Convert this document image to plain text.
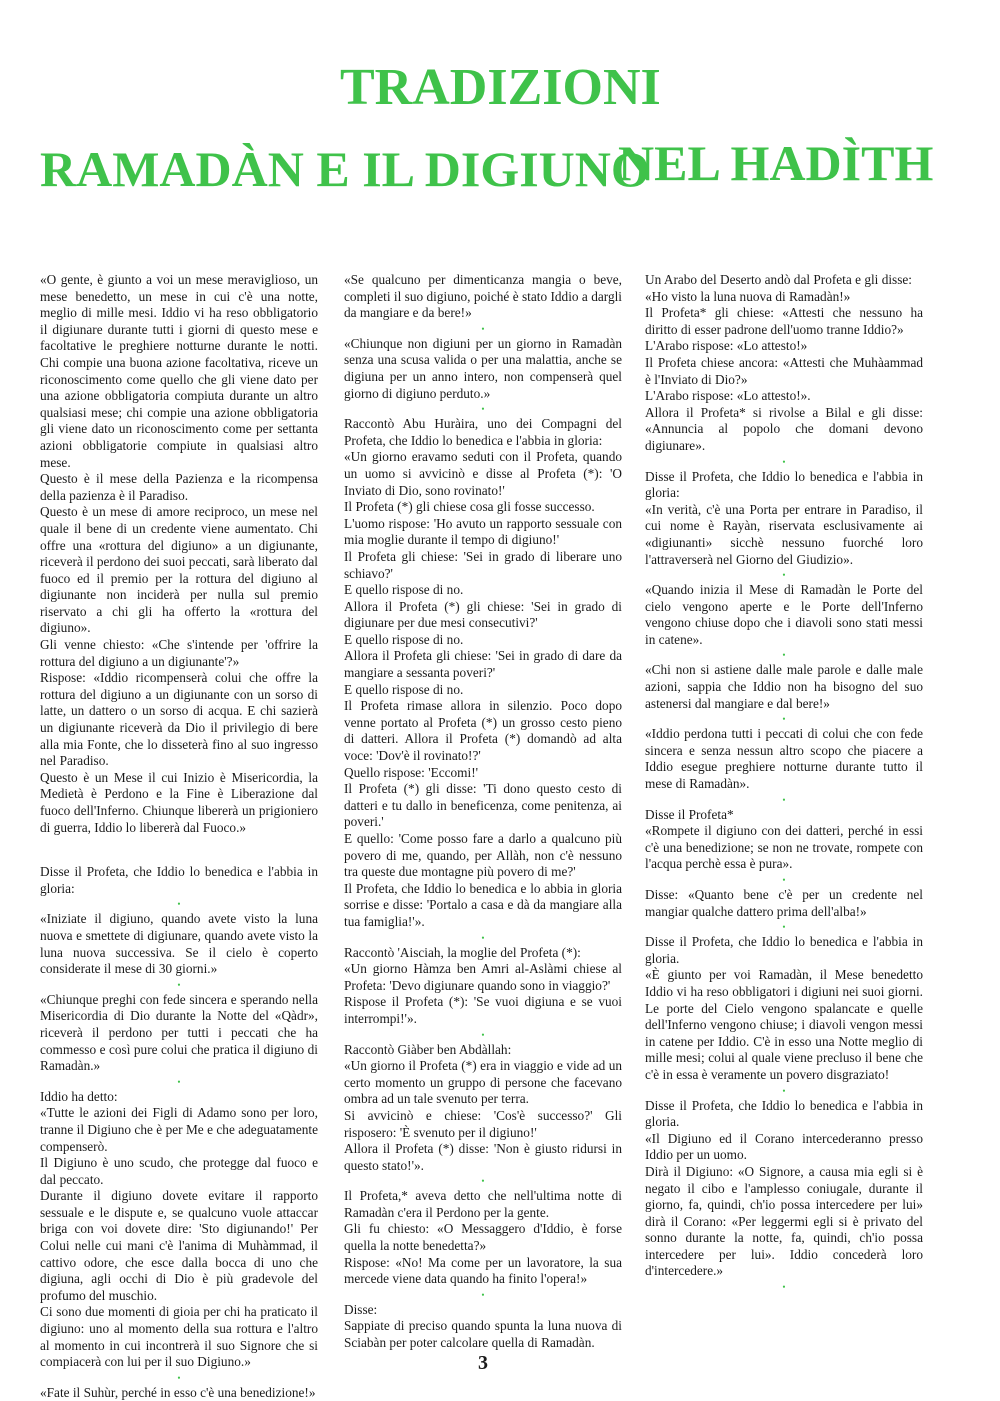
TRADIZIONI
RAMADÀN E IL DIGIUNO
NEL HADÌTH

«O gente, è giunto a voi un mese meraviglioso, un mese benedetto, un mese in cui c'è una notte, meglio di mille mesi. Iddio vi ha reso obbligatorio il digiunare durante tutti i giorni di questo mese e facoltative le preghiere notturne durante le notti. Chi compie una buona azione facoltativa, riceve un riconoscimento come quello che gli viene dato per una azione obbligatoria compiuta durante un altro qualsiasi mese; chi compie una azione obbligatoria gli viene dato un riconoscimento come per settanta azioni obbligatorie compiute in qualsiasi altro mese.

Questo è il mese della Pazienza e la ricompensa della pazienza è il Paradiso.

Questo è un mese di amore reciproco, un mese nel quale il bene di un credente viene aumentato. Chi offre una «rottura del digiuno» a un digiunante, riceverà il perdono dei suoi peccati, sarà liberato dal fuoco ed il premio per la rottura del digiuno al digiunante non inciderà per nulla sul premio riservato a chi gli ha offerto la «rottura del digiuno».

Gli venne chiesto: «Che s'intende per 'offrire la rottura del digiuno a un digiunante'?»

Rispose: «Iddio ricompenserà colui che offre la rottura del digiuno a un digiunante con un sorso di latte, un dattero o un sorso di acqua. E chi sazierà un digiunante riceverà da Dio il privilegio di bere alla mia Fonte, che lo disseterà fino al suo ingresso nel Paradiso.

Questo è un Mese il cui Inizio è Misericordia, la Medietà è Perdono e la Fine è Liberazione dal fuoco dell'Inferno. Chiunque libererà un prigioniero di guerra, Iddio lo libererà dal Fuoco.»

Disse il Profeta, che Iddio lo benedica e l'abbia in gloria:

•

«Iniziate il digiuno, quando avete visto la luna nuova e smettete di digiunare, quando avete visto la luna nuova successiva. Se il cielo è coperto considerate il mese di 30 giorni.»

•

«Chiunque preghi con fede sincera e sperando nella Misericordia di Dio durante la Notte del «Qàdr», riceverà il perdono per tutti i peccati che ha commesso e così pure colui che pratica il digiuno di Ramadàn.»

•

Iddio ha detto:

«Tutte le azioni dei Figli di Adamo sono per loro, tranne il Digiuno che è per Me e che adeguatamente compenserò.

Il Digiuno è uno scudo, che protegge dal fuoco e dal peccato.

Durante il digiuno dovete evitare il rapporto sessuale e le dispute e, se qualcuno vuole attaccar briga con voi dovete dire: 'Sto digiunando!' Per Colui nelle cui mani c'è l'anima di Muhàmmad, il cattivo odore, che esce dalla bocca di uno che digiuna, agli occhi di Dio è più gradevole del profumo del muschio.

Ci sono due momenti di gioia per chi ha praticato il digiuno: uno al momento della sua rottura e l'altro al momento in cui incontrerà il suo Signore che si compiacerà con lui per il suo Digiuno.»

•

«Fate il Suhùr, perché in esso c'è una benedizione!»

«Se qualcuno per dimenticanza mangia o beve, completi il suo digiuno, poiché è stato Iddio a dargli da mangiare e da bere!»

•

«Chiunque non digiuni per un giorno in Ramadàn senza una scusa valida o per una malattia, anche se digiuna per un anno intero, non compenserà quel giorno di digiuno perduto.»

•

Raccontò Abu Huràira, uno dei Compagni del Profeta, che Iddio lo benedica e l'abbia in gloria:

«Un giorno eravamo seduti con il Profeta, quando un uomo si avvicinò e disse al Profeta (*): 'O Inviato di Dio, sono rovinato!'

Il Profeta (*) gli chiese cosa gli fosse successo.

L'uomo rispose: 'Ho avuto un rapporto sessuale con mia moglie durante il tempo di digiuno!'

Il Profeta gli chiese: 'Sei in grado di liberare uno schiavo?'

E quello rispose di no.

Allora il Profeta (*) gli chiese: 'Sei in grado di digiunare per due mesi consecutivi?'

E quello rispose di no.

Allora il Profeta gli chiese: 'Sei in grado di dare da mangiare a sessanta poveri?'

E quello rispose di no.

Il Profeta rimase allora in silenzio. Poco dopo venne portato al Profeta (*) un grosso cesto pieno di datteri. Allora il Profeta (*) domandò ad alta voce: 'Dov'è il rovinato!?'

Quello rispose: 'Eccomi!'

Il Profeta (*) gli disse: 'Ti dono questo cesto di datteri e tu dallo in beneficenza, come penitenza, ai poveri.'

E quello: 'Come posso fare a darlo a qualcuno più povero di me, quando, per Allàh, non c'è nessuno tra queste due montagne più povero di me?'

Il Profeta, che Iddio lo benedica e lo abbia in gloria sorrise e disse: 'Portalo a casa e dà da mangiare alla tua famiglia!'».

•

Raccontò 'Aisciah, la moglie del Profeta (*):

«Un giorno Hàmza ben Amri al-Aslàmi chiese al Profeta: 'Devo digiunare quando sono in viaggio?'

Rispose il Profeta (*): 'Se vuoi digiuna e se vuoi interrompi!'».

•

Raccontò Giàber ben Abdàllah:

«Un giorno il Profeta (*) era in viaggio e vide ad un certo momento un gruppo di persone che facevano ombra ad un tale svenuto per terra.

Si avvicinò e chiese: 'Cos'è successo?' Gli risposero: 'È svenuto per il digiuno!'

Allora il Profeta (*) disse: 'Non è giusto ridursi in questo stato!'».

•

Il Profeta,* aveva detto che nell'ultima notte di Ramadàn c'era il Perdono per la gente.

Gli fu chiesto: «O Messaggero d'Iddio, è forse quella la notte benedetta?»

Rispose: «No! Ma come per un lavoratore, la sua mercede viene data quando ha finito l'opera!»

•

Disse:

Sappiate di preciso quando spunta la luna nuova di Sciabàn per poter calcolare quella di Ramadàn.

Un Arabo del Deserto andò dal Profeta e gli disse:

«Ho visto la luna nuova di Ramadàn!»

Il Profeta* gli chiese: «Attesti che nessuno ha diritto di esser padrone dell'uomo tranne Iddio?»

L'Arabo rispose: «Lo attesto!»

Il Profeta chiese ancora: «Attesti che Muhàammad è l'Inviato di Dio?»

L'Arabo rispose: «Lo attesto!».

Allora il Profeta* si rivolse a Bilal e gli disse: «Annuncia al popolo che domani devono digiunare».

•

Disse il Profeta, che Iddio lo benedica e l'abbia in gloria:

«In verità, c'è una Porta per entrare in Paradiso, il cui nome è Rayàn, riservata esclusivamente ai «digiunanti» sicchè nessuno fuorché loro l'attraverserà nel Giorno del Giudizio».

•

«Quando inizia il Mese di Ramadàn le Porte del cielo vengono aperte e le Porte dell'Inferno vengono chiuse dopo che i diavoli sono stati messi in catene».

•

«Chi non si astiene dalle male parole e dalle male azioni, sappia che Iddio non ha bisogno del suo astenersi dal mangiare e dal bere!»

•

«Iddio perdona tutti i peccati di colui che con fede sincera e senza nessun altro scopo che piacere a Iddio esegue preghiere notturne durante tutto il mese di Ramadàn».

•

Disse il Profeta*

«Rompete il digiuno con dei datteri, perché in essi c'è una benedizione; se non ne trovate, rompete con l'acqua perchè essa è pura».

•

Disse: «Quanto bene c'è per un credente nel mangiar qualche dattero prima dell'alba!»

•

Disse il Profeta, che Iddio lo benedica e l'abbia in gloria.

«È giunto per voi Ramadàn, il Mese benedetto Iddio vi ha reso obbligatori i digiuni nei suoi giorni. Le porte del Cielo vengono spalancate e quelle dell'Inferno vengono chiuse; i diavoli vengon messi in catene per Iddio. C'è in esso una Notte meglio di mille mesi; colui al quale viene precluso il bene che c'è in essa è veramente un povero disgraziato!

•

Disse il Profeta, che Iddio lo benedica e l'abbia in gloria.

«Il Digiuno ed il Corano intercederanno presso Iddio per un uomo.

Dirà il Digiuno: «O Signore, a causa mia egli si è negato il cibo e l'amplesso coniugale, durante il giorno, fa, quindi, ch'io possa intercedere per lui» dirà il Corano: «Per leggermi egli si è privato del sonno durante la notte, fa, quindi, ch'io possa intercedere per lui». Iddio concederà loro d'intercedere.»

•

3
